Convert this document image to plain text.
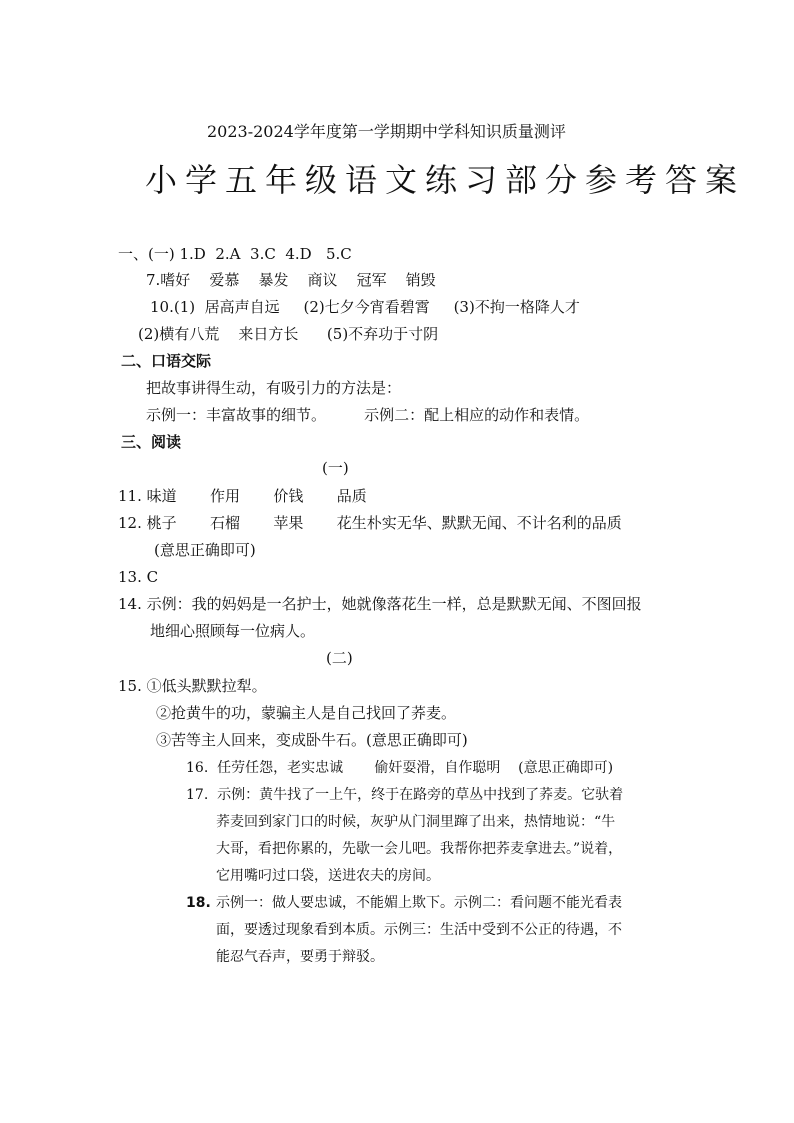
2023-2024学年度第一学期期中学科知识质量测评
小学五年级语文练习部分参考答案
一、(一) 1.D  2.A  3.C  4.D   5.C
7.嗜好    爱慕    暴发    商议    冠军    销毁
10.(1)  居高声自远     (2)七夕今宵看碧霄     (3)不拘一格降人才
(2)横有八荒    来日方长      (5)不弃功于寸阴
二、口语交际
把故事讲得生动，有吸引力的方法是：
示例一：丰富故事的细节。        示例二：配上相应的动作和表情。
三、阅读
(一)
11. 味道       作用       价钱       品质
12. 桃子       石榴       苹果       花生朴实无华、默默无闻、不计名利的品质
(意思正确即可)
13. C
14. 示例：我的妈妈是一名护士，她就像落花生一样，总是默默无闻、不图回报
地细心照顾每一位病人。
(二)
15. ①低头默默拉犁。
②抢黄牛的功，蒙骗主人是自己找回了荞麦。
③苦等主人回来，变成卧牛石。(意思正确即可)
16.  任劳任怨，老实忠诚       偷奸耍滑，自作聪明    (意思正确即可)
17.  示例：黄牛找了一上午，终于在路旁的草丛中找到了荞麦。它驮着
荞麦回到家门口的时候，灰驴从门洞里蹿了出来，热情地说：“牛
大哥，看把你累的，先歇一会儿吧。我帮你把荞麦拿进去。”说着，
它用嘴叼过口袋，送进农夫的房间。
18. 示例一：做人要忠诚，不能媚上欺下。示例二：看问题不能光看表
面，要透过现象看到本质。示例三：生活中受到不公正的待遇，不
能忍气吞声，要勇于辩驳。
